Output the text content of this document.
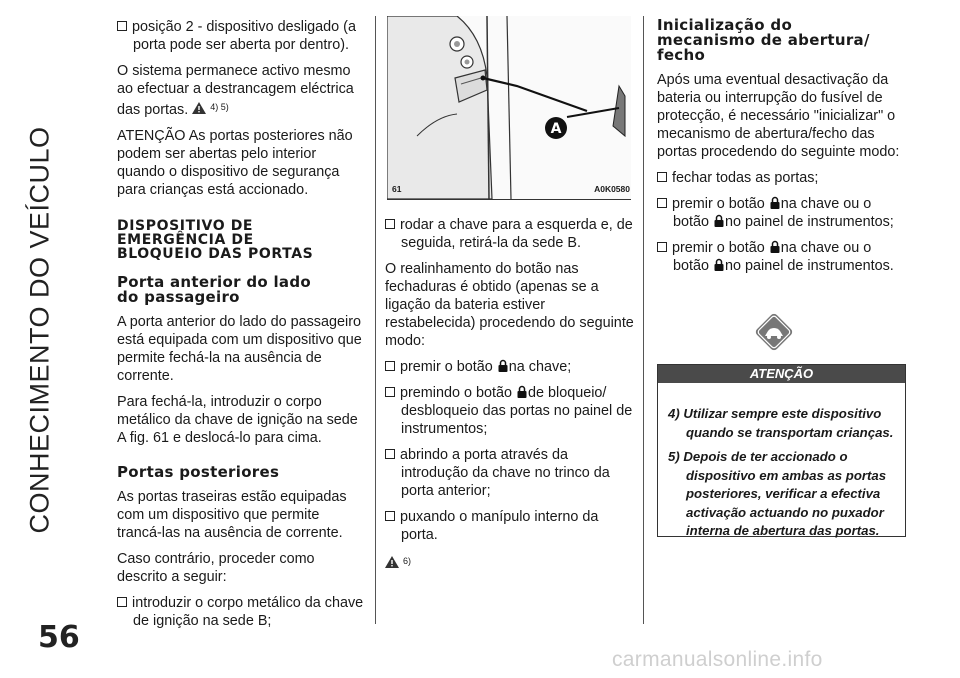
CONHECIMENTO DO VEÍCULO
56
posição 2 - dispositivo desligado (a porta pode ser aberta por dentro).

O sistema permanece activo mesmo ao efectuar a destrancagem eléctrica das portas. $^{4) 5)}$

ATENÇÃO As portas posteriores não podem ser abertas pelo interior quando o dispositivo de segurança para crianças está accionado.

DISPOSITIVO DE
EMERGÊNCIA DE
BLOQUEIO DAS PORTAS
Porta anterior do lado
do passageiro

A porta anterior do lado do passageiro está equipada com um dispositivo que permite fechá-la na ausência de corrente.

Para fechá-la, introduzir o corpo metálico da chave de ignição na sede A fig. 61 e deslocá-lo para cima.

Portas posteriores

As portas traseiras estão equipadas com um dispositivo que permite trancá-las na ausência de corrente.

Caso contrário, proceder como descrito a seguir:

introduzir o corpo metálico da chave de ignição na sede B;
A
61	A0K0580
rodar a chave para a esquerda e, de seguida, retirá-la da sede B.

O realinhamento do botão nas fechaduras é obtido (apenas se a ligação da bateria estiver restabelecida) procedendo do seguinte modo:

premir o botão na chave;
premindo o botão de bloqueio/ desbloqueio das portas no painel de instrumentos;
abrindo a porta através da introdução da chave no trinco da porta anterior;
puxando o manípulo interno da porta.

$^{6)}$

Inicialização do
mecanismo de abertura/
fecho

Após uma eventual desactivação da bateria ou interrupção do fusível de protecção, é necessário "inicializar" o mecanismo de abertura/fecho das portas procedendo do seguinte modo:

fechar todas as portas;
premir o botão na chave ou o
botão no painel de instrumentos;
premir o botão na chave ou o
botão no painel de instrumentos.
ATENÇÃO
4) Utilizar sempre este dispositivo quando se transportam crianças.
5) Depois de ter accionado o dispositivo em ambas as portas posteriores, verificar a efectiva activação actuando no puxador interna de abertura das portas.
carmanualsonline.info
